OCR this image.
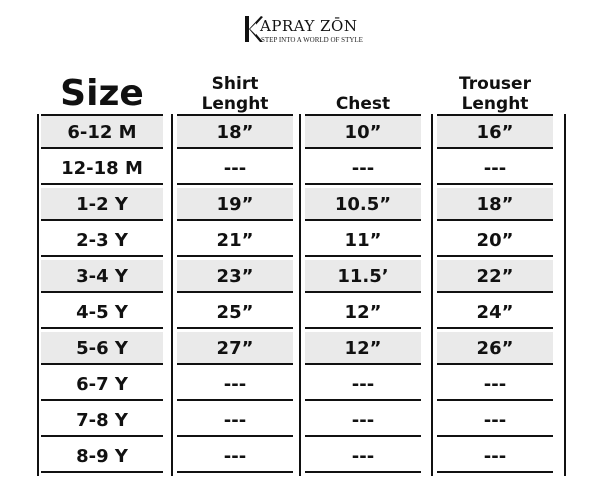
APRAY ZŌN
STEP INTO A WORLD OF STYLE
Size
6-12 M
12-18 M
1-2 Y
2-3 Y
3-4 Y
4-5 Y
5-6 Y
6-7 Y
7-8 Y
8-9 Y
Shirt
Lenght
18”
---
19”
21”
23”
25”
27”
---
---
---
Chest
10”
---
10.5”
11”
11.5’
12”
12”
---
---
---
Trouser
Lenght
16”
---
18”
20”
22”
24”
26”
---
---
---
